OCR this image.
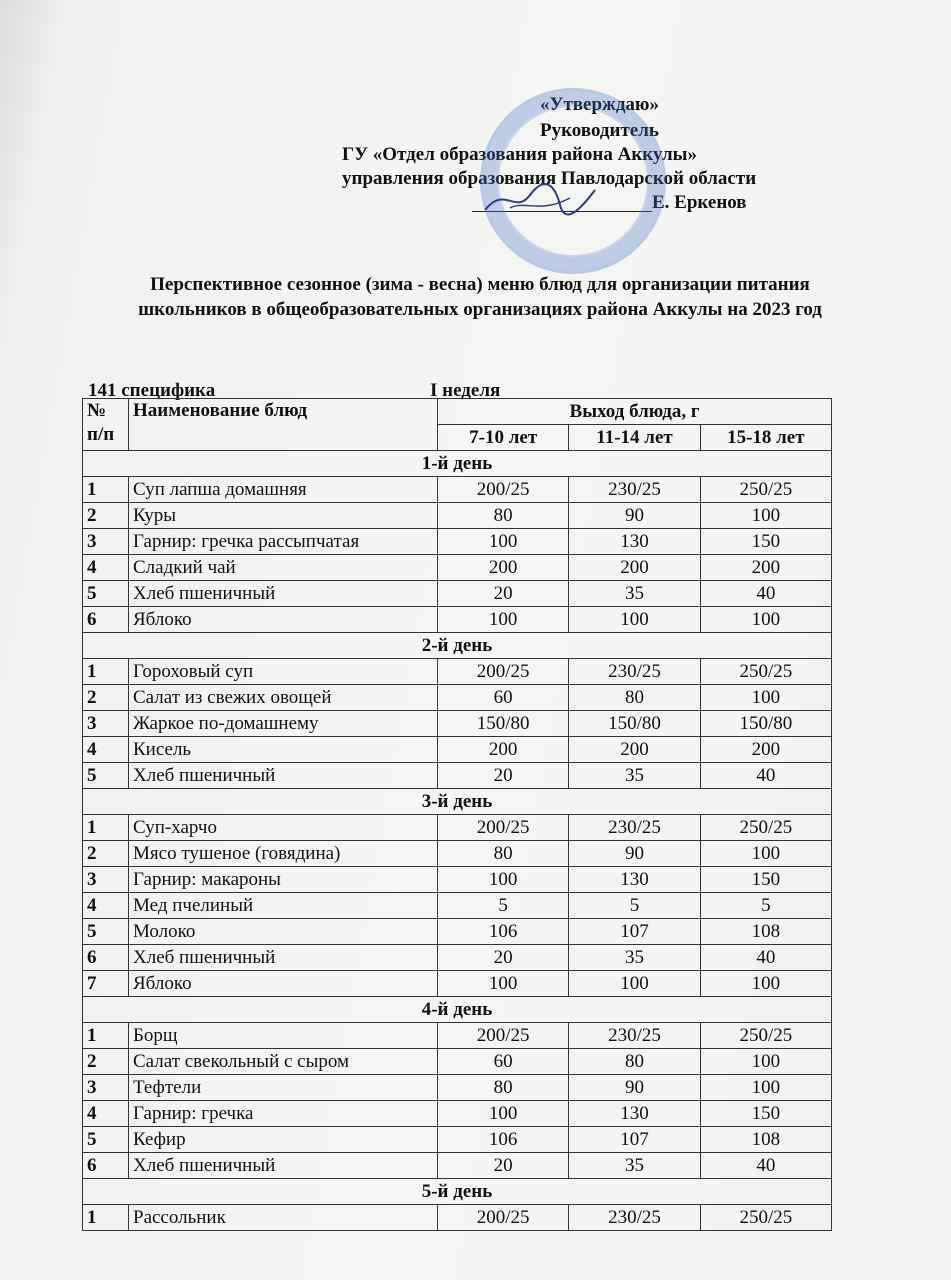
«Утверждаю»
Руководитель
ГУ «Отдел образования района Аккулы»
управления образования Павлодарской области
Е. Еркенов
Перспективное сезонное (зима - весна) меню блюд для организации питания школьников в общеобразовательных организациях района Аккулы на 2023 год
141 специфика	I неделя
№ п/п	Наименование блюд	Выход блюда, г		
		7-10 лет	11-14 лет	15-18 лет
1-й день				
1	Суп лапша домашняя	200/25	230/25	250/25
2	Куры	80	90	100
3	Гарнир: гречка рассыпчатая	100	130	150
4	Сладкий чай	200	200	200
5	Хлеб пшеничный	20	35	40
6	Яблоко	100	100	100
2-й день				
1	Гороховый суп	200/25	230/25	250/25
2	Салат из свежих овощей	60	80	100
3	Жаркое по-домашнему	150/80	150/80	150/80
4	Кисель	200	200	200
5	Хлеб пшеничный	20	35	40
3-й день				
1	Суп-харчо	200/25	230/25	250/25
2	Мясо тушеное (говядина)	80	90	100
3	Гарнир: макароны	100	130	150
4	Мед пчелиный	5	5	5
5	Молоко	106	107	108
6	Хлеб пшеничный	20	35	40
7	Яблоко	100	100	100
4-й день				
1	Борщ	200/25	230/25	250/25
2	Салат свекольный с сыром	60	80	100
3	Тефтели	80	90	100
4	Гарнир: гречка	100	130	150
5	Кефир	106	107	108
6	Хлеб пшеничный	20	35	40
5-й день				
1	Рассольник	200/25	230/25	250/25
